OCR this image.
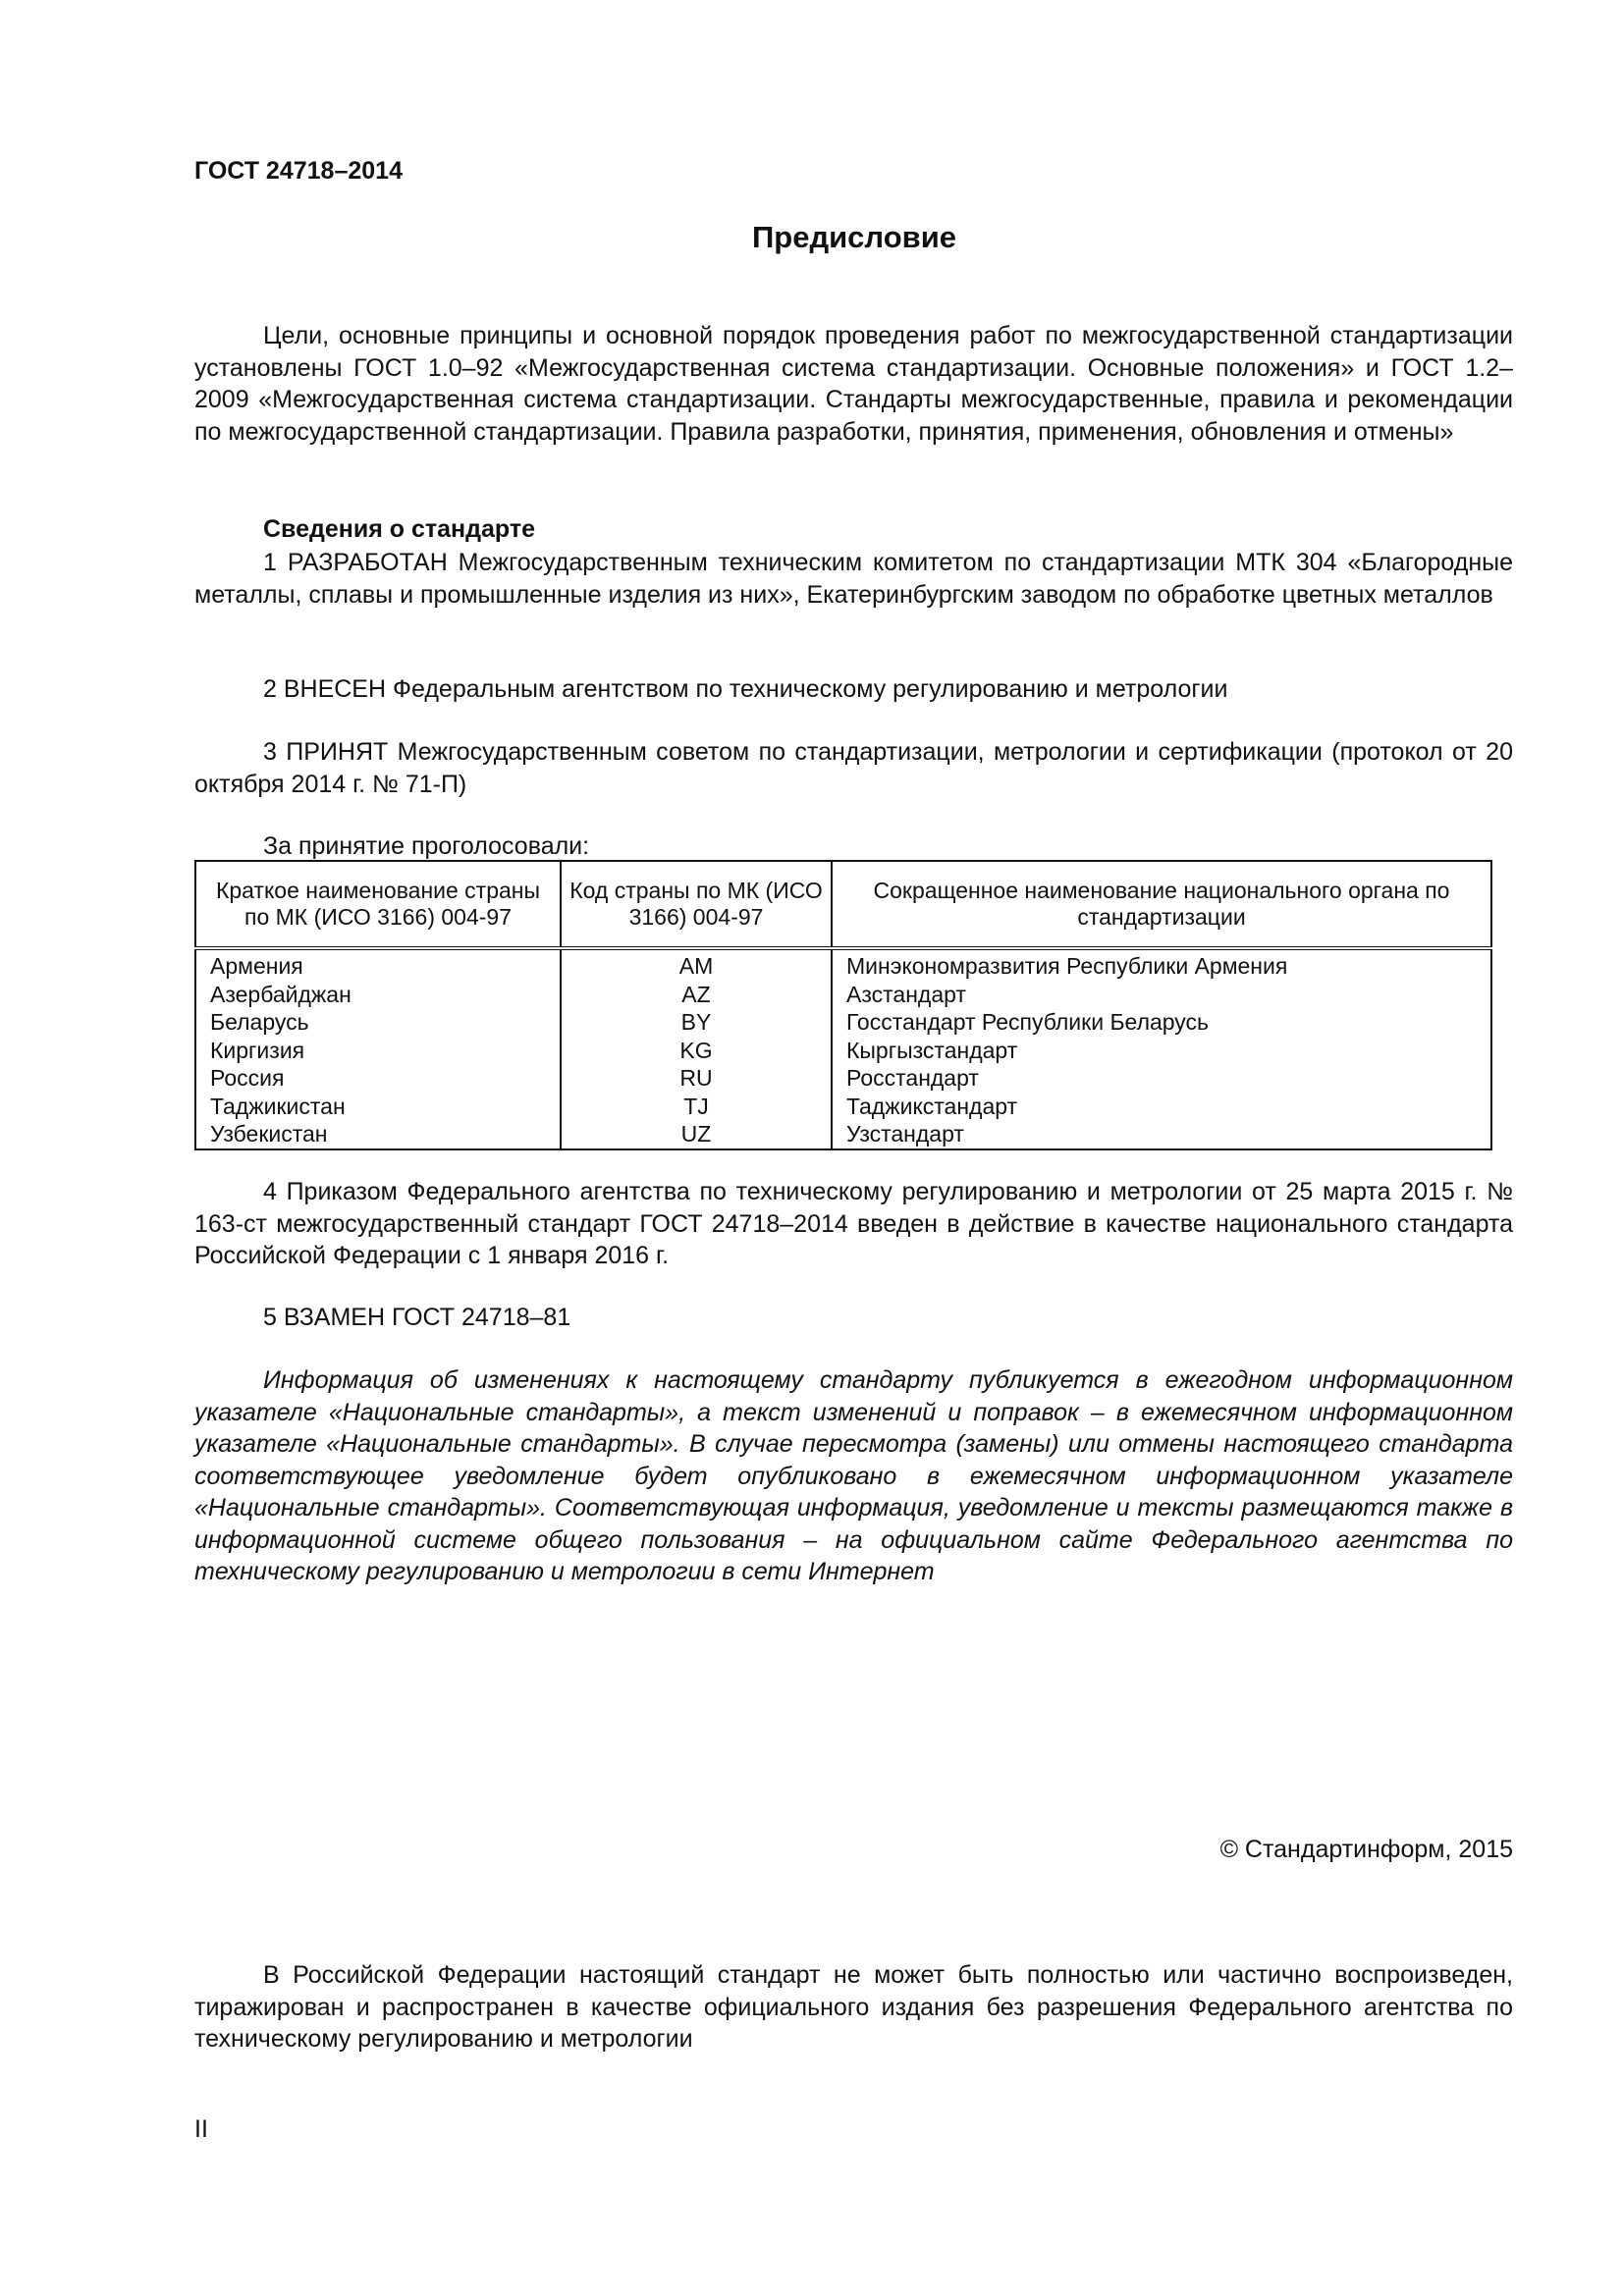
ГОСТ 24718–2014
Предисловие

Цели, основные принципы и основной порядок проведения работ по межгосударственной стандартизации установлены ГОСТ 1.0–92 «Межгосударственная система стандартизации. Основные положения» и ГОСТ 1.2–2009 «Межгосударственная система стандартизации. Стандарты межгосударственные, правила и рекомендации по межгосударственной стандартизации. Правила разработки, принятия, применения, обновления и отмены»

Сведения о стандарте

1 РАЗРАБОТАН Межгосударственным техническим комитетом по стандартизации МТК 304 «Благородные металлы, сплавы и промышленные изделия из них», Екатеринбургским заводом по обработке цветных металлов

2 ВНЕСЕН Федеральным агентством по техническому регулированию и метрологии

3 ПРИНЯТ Межгосударственным советом по стандартизации, метрологии и сертификации (протокол от 20 октября 2014 г. № 71-П)

За принятие проголосовали:
Краткое наименование страны по МК (ИСО 3166) 004-97	Код страны по МК (ИСО 3166) 004-97	Сокращенное наименование национального органа по стандартизации
Армения	AM	Минэкономразвития Республики Армения
Азербайджан	AZ	Азстандарт
Беларусь	BY	Госстандарт Республики Беларусь
Киргизия	KG	Кыргызстандарт
Россия	RU	Росстандарт
Таджикистан	TJ	Таджикстандарт
Узбекистан	UZ	Узстандарт

4 Приказом Федерального агентства по техническому регулированию и метрологии от 25 марта 2015 г. № 163-ст межгосударственный стандарт ГОСТ 24718–2014 введен в действие в качестве национального стандарта Российской Федерации с 1 января 2016 г.

5 ВЗАМЕН ГОСТ 24718–81

Информация об изменениях к настоящему стандарту публикуется в ежегодном информационном указателе «Национальные стандарты», а текст изменений и поправок – в ежемесячном информационном указателе «Национальные стандарты». В случае пересмотра (замены) или отмены настоящего стандарта соответствующее уведомление будет опубликовано в ежемесячном информационном указателе «Национальные стандарты». Соответствующая информация, уведомление и тексты размещаются также в информационной системе общего пользования – на официальном сайте Федерального агентства по техническому регулированию и метрологии в сети Интернет

© Стандартинформ, 2015

В Российской Федерации настоящий стандарт не может быть полностью или частично воспроизведен, тиражирован и распространен в качестве официального издания без разрешения Федерального агентства по техническому регулированию и метрологии

II
